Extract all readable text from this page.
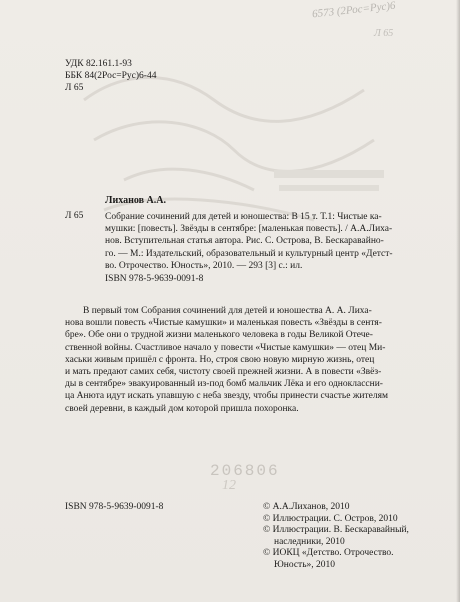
6573 (2Рос=Рус)6
Л 65
206806
12
УДК 82.161.1-93
ББК 84(2Рос=Рус)6-44
Л 65
Лиханов А.А.
Л 65 Собрание сочинений для детей и юношества: В 15 т. Т.1: Чистые ка-
мушки: [повесть]. Звёзды в сентябре: [маленькая повесть]. / А.А.Лиха-
нов. Вступительная статья автора. Рис. С. Острова, В. Бескаравайно-
го. — М.: Издательский, образовательный и культурный центр «Детст-
во. Отрочество. Юность», 2010. — 293 [3] с.: ил.
ISBN 978-5-9639-0091-8
В первый том Собрания сочинений для детей и юношества А. А. Лиха-
нова вошли повесть «Чистые камушки» и маленькая повесть «Звёзды в сентя-
бре». Обе они о трудной жизни маленького человека в годы Великой Отече-
ственной войны. Счастливое начало у повести «Чистые камушки» — отец Ми-
хаськи живым пришёл с фронта. Но, строя свою новую мирную жизнь, отец
и мать предают самих себя, чистоту своей прежней жизни. А в повести «Звёз-
ды в сентябре» эвакуированный из-под бомб мальчик Лёка и его одноклассни-
ца Анюта идут искать упавшую с неба звезду, чтобы принести счастье жителям
своей деревни, в каждый дом которой пришла похоронка.
ISBN 978-5-9639-0091-8	© А.А.Лиханов, 2010
© Иллюстрации. С. Остров, 2010
© Иллюстрации. В. Бескаравайный,
наследники, 2010
© ИОКЦ «Детство. Отрочество.
Юность», 2010
